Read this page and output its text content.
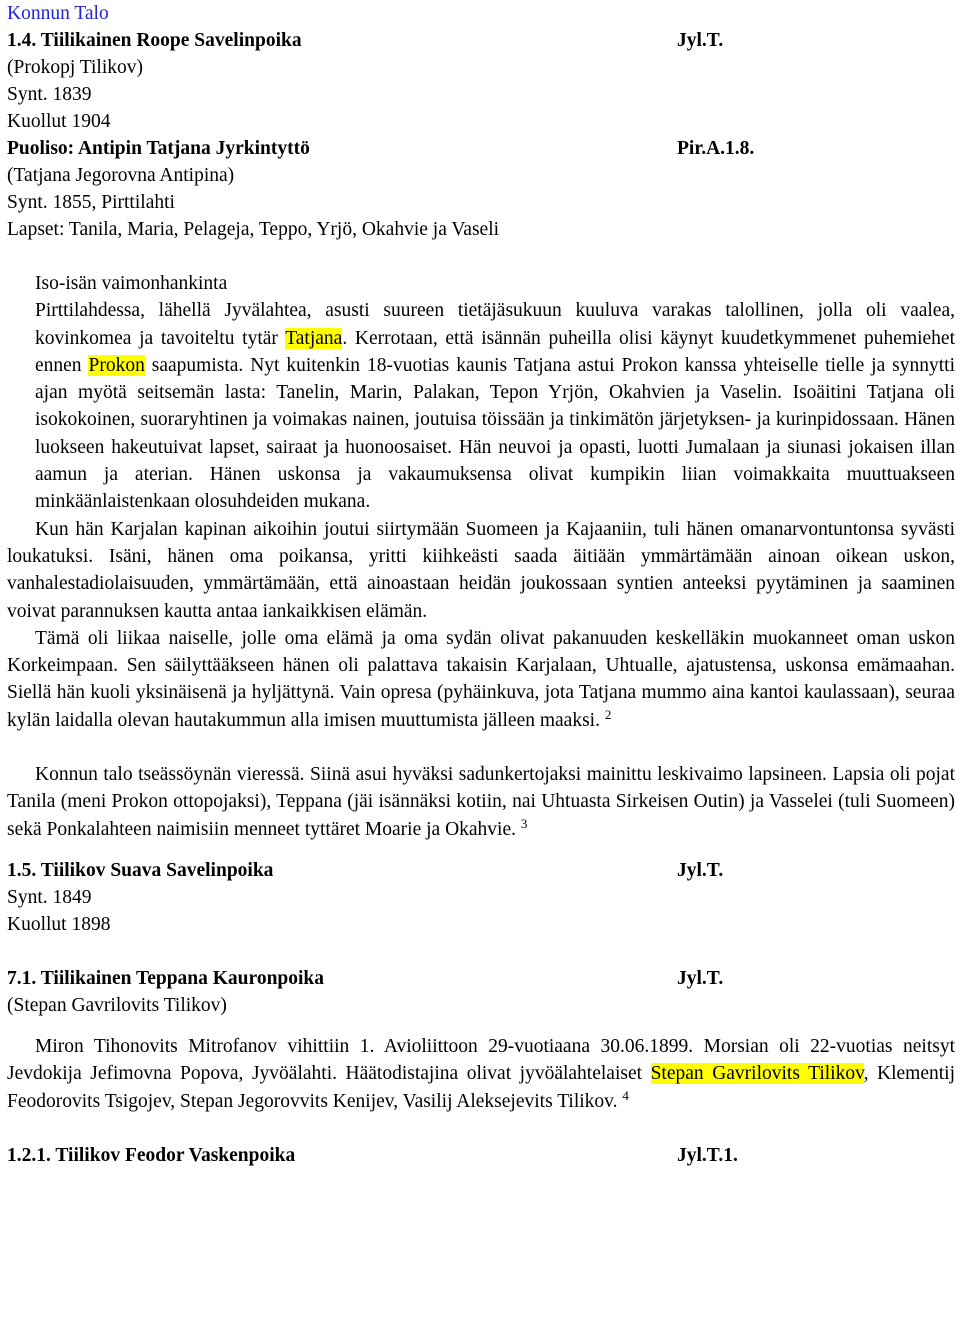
Konnun Talo
1.4. Tiilikainen Roope Savelinpoika	Jyl.T.
(Prokopj Tilikov)
Synt. 1839
Kuollut 1904
Puoliso: Antipin Tatjana Jyrkintyttö	Pir.A.1.8.
(Tatjana Jegorovna Antipina)
Synt. 1855, Pirttilahti
Lapset: Tanila, Maria, Pelageja, Teppo, Yrjö, Okahvie ja Vaseli

Iso-isän vaimonhankinta

Pirttilahdessa, lähellä Jyvälahtea, asusti suureen tietäjäsukuun kuuluva varakas talollinen, jolla oli vaalea, kovinkomea ja tavoiteltu tytär Tatjana. Kerrotaan, että isännän puheilla olisi käynyt kuudetkymmenet puhemiehet ennen Prokon saapumista. Nyt kuitenkin 18-vuotias kaunis Tatjana astui Prokon kanssa yhteiselle tielle ja synnytti ajan myötä seitsemän lasta: Tanelin, Marin, Palakan, Tepon Yrjön, Okahvien ja Vaselin. Isoäitini Tatjana oli isokokoinen, suoraryhtinen ja voimakas nainen, joutuisa töissään ja tinkimätön järjetyksen- ja kurinpidossaan. Hänen luokseen hakeutuivat lapset, sairaat ja huonoosaiset. Hän neuvoi ja opasti, luotti Jumalaan ja siunasi jokaisen illan aamun ja aterian. Hänen uskonsa ja vakaumuksensa olivat kumpikin liian voimakkaita muuttuakseen minkäänlaistenkaan olosuhdeiden mukana.

Kun hän Karjalan kapinan aikoihin joutui siirtymään Suomeen ja Kajaaniin, tuli hänen omanarvontuntonsa syvästi loukatuksi. Isäni, hänen oma poikansa, yritti kiihkeästi saada äitiään ymmärtämään ainoan oikean uskon, vanhalestadiolaisuuden, ymmärtämään, että ainoastaan heidän joukossaan syntien anteeksi pyytäminen ja saaminen voivat parannuksen kautta antaa iankaikkisen elämän.

Tämä oli liikaa naiselle, jolle oma elämä ja oma sydän olivat pakanuuden keskelläkin muokanneet oman uskon Korkeimpaan. Sen säilyttääkseen hänen oli palattava takaisin Karjalaan, Uhtualle, ajatustensa, uskonsa emämaahan. Siellä hän kuoli yksinäisenä ja hyljättynä. Vain opresa (pyhäinkuva, jota Tatjana mummo aina kantoi kaulassaan), seuraa kylän laidalla olevan hautakummun alla imisen muuttumista jälleen maaksi. $^2$

Konnun talo tseässöynän vieressä. Siinä asui hyväksi sadunkertojaksi mainittu leskivaimo lapsineen. Lapsia oli pojat Tanila (meni Prokon ottopojaksi), Teppana (jäi isännäksi kotiin, nai Uhtuasta Sirkeisen Outin) ja Vasselei (tuli Suomeen) sekä Ponkalahteen naimisiin menneet tyttäret Moarie ja Okahvie. $^3$

1.5. Tiilikov Suava Savelinpoika	Jyl.T.
Synt. 1849
Kuollut 1898
7.1. Tiilikainen Teppana Kauronpoika	Jyl.T.
(Stepan Gavrilovits Tilikov)

Miron Tihonovits Mitrofanov vihittiin 1. Avioliittoon 29-vuotiaana 30.06.1899. Morsian oli 22-vuotias neitsyt Jevdokija Jefimovna Popova, Jyvöälahti. Häätodistajina olivat jyvöälahtelaiset Stepan Gavrilovits Tilikov, Klementij Feodorovits Tsigojev, Stepan Jegorovvits Kenijev, Vasilij Aleksejevits Tilikov. $^4$

1.2.1. Tiilikov Feodor Vaskenpoika	Jyl.T.1.
